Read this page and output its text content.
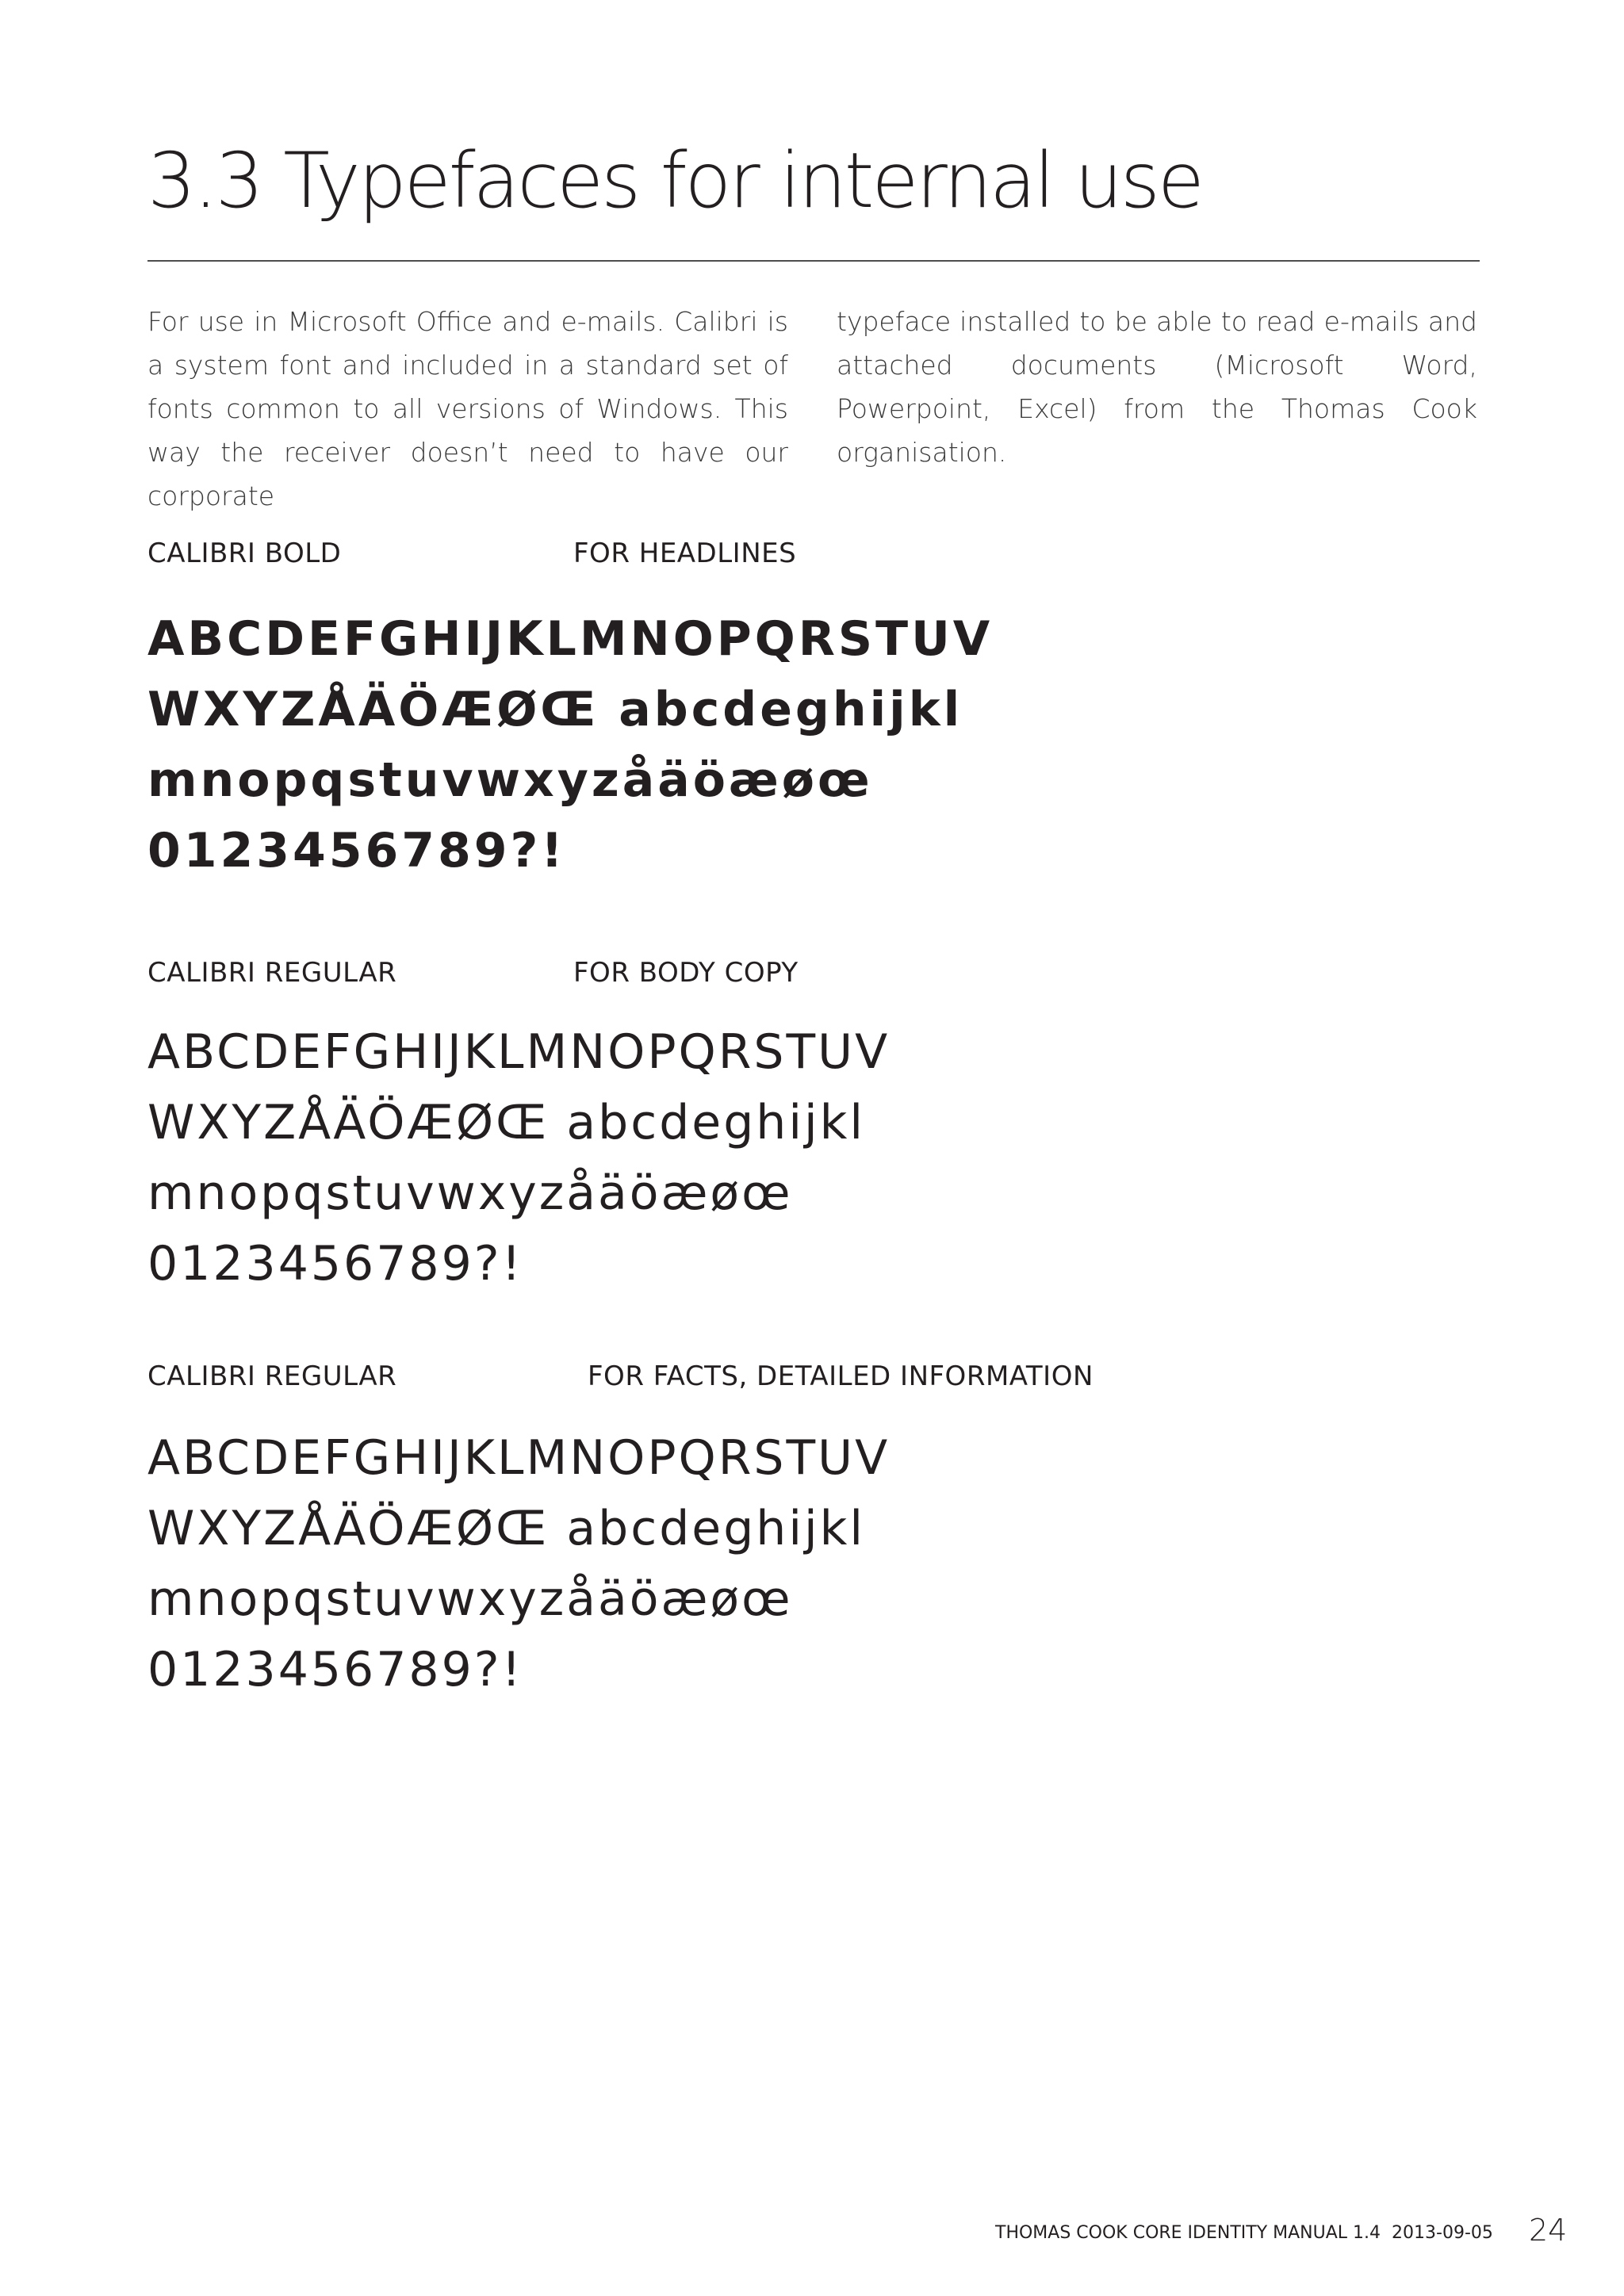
3.3 Typefaces for internal use

For use in Microsoft Office and e-mails. Calibri is a system font and included in a standard set of fonts common to all versions of Windows. This way the receiver doesn’t need to have our corporate

typeface installed to be able to read e-mails and attached documents (Microsoft Word, Powerpoint, Excel) from the Thomas Cook organisation.

CALIBRI BOLD	FOR HEADLINES

ABCDEFGHIJKLMNOPQRSTUV
WXYZÅÄÖÆØŒ abcdeghijkl
mnopqstuvwxyzåäöæøœ
0123456789?!

CALIBRI REGULAR	FOR BODY COPY

ABCDEFGHIJKLMNOPQRSTUV
WXYZÅÄÖÆØŒ abcdeghijkl
mnopqstuvwxyzåäöæøœ
0123456789?!

CALIBRI REGULAR	FOR FACTS, DETAILED INFORMATION

ABCDEFGHIJKLMNOPQRSTUV
WXYZÅÄÖÆØŒ abcdeghijkl
mnopqstuvwxyzåäöæøœ
0123456789?!

THOMAS COOK CORE IDENTITY MANUAL 1.4 2013-09-05 24
